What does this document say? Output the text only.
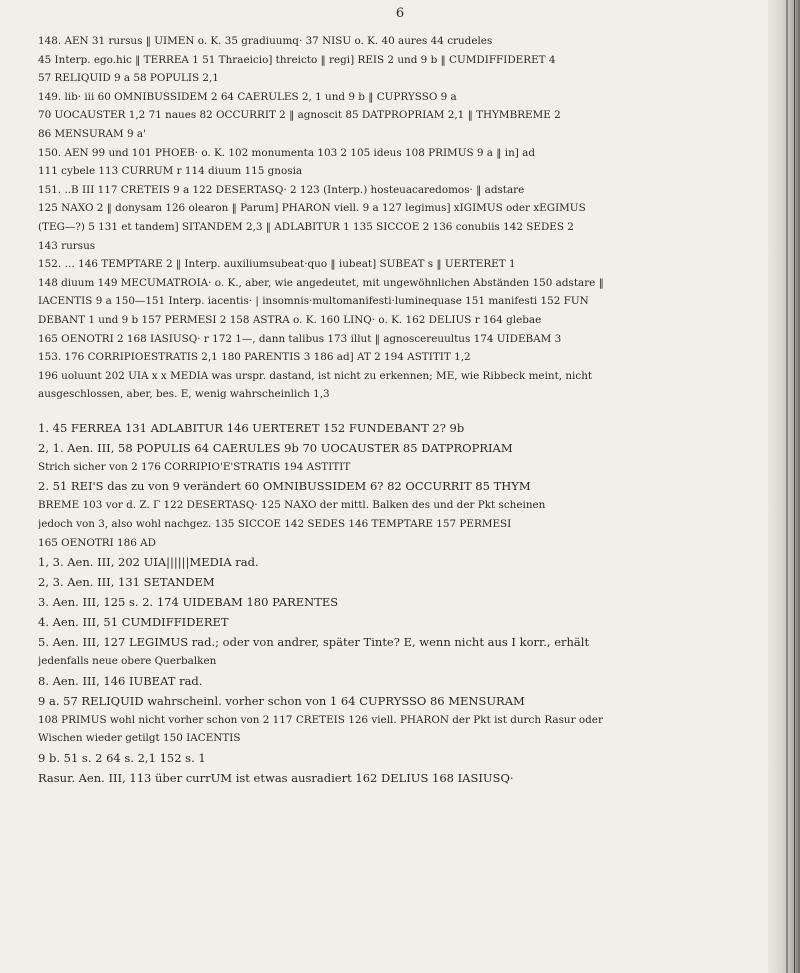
6
148. AEN 31 rursus ‖ UIMEN o. K. 35 gradiuumq· 37 NISU o. K. 40 aures 44 crudeles
45 Interp. ego.hic ‖ TERREA 1 51 Thraeicio] threicto ‖ regi] REIS 2 und 9 b ‖ CUMDIFFIDERET 4
57 RELIQUID 9 a 58 POPULIS 2,1
149. lib· iii 60 OMNIBUSSIDEM 2 64 CAERULES 2, 1 und 9 b ‖ CUPRYSSO 9 a
70 UOCAUSTER 1,2 71 naues 82 OCCURRIT 2 ‖ agnoscit 85 DATPROPRIAM 2,1 ‖ THYMBREME 2
86 MENSURAM 9 a'
150. AEN 99 und 101 PHOEB· o. K. 102 monumenta 103 2 105 ideus 108 PRIMUS 9 a ‖ in] ad
111 cybele 113 CURRUM r 114 diuum 115 gnosia
151. ..B III 117 CRETEIS 9 a 122 DESERTASQ· 2 123 (Interp.) hosteuacaredomos· ‖ adstare
125 NAXO 2 ‖ donysam 126 olearon ‖ Parum] PHARON viell. 9 a 127 legimus] xIGIMUS oder xEGIMUS
(TEG—?) 5 131 et tandem] SITANDEM 2,3 ‖ ADLABITUR 1 135 SICCOE 2 136 conubiis 142 SEDES 2
143 rursus
152. … 146 TEMPTARE 2 ‖ Interp. auxiliumsubeat·quo ‖ iubeat] SUBEAT s ‖ UERTERET 1
148 diuum 149 MECUMATROIA· o. K., aber, wie angedeutet, mit ungewöhnlichen Abständen 150 adstare ‖
IACENTIS 9 a 150—151 Interp. iacentis· | insomnis·multomanifesti·luminequase 151 manifesti 152 FUN
DEBANT 1 und 9 b 157 PERMESI 2 158 ASTRA o. K. 160 LINQ· o. K. 162 DELIUS r 164 glebae
165 OENOTRI 2 168 IASIUSQ· r 172 1—, dann talibus 173 illut ‖ agnoscereuultus 174 UIDEBAM 3
153. 176 CORRIPIOESTRATIS 2,1 180 PARENTIS 3 186 ad] AT 2 194 ASTITIT 1,2
196 uoluunt 202 UIA x x MEDIA was urspr. dastand, ist nicht zu erkennen; ME, wie Ribbeck meint, nicht
ausgeschlossen, aber, bes. E, wenig wahrscheinlich 1,3
1. 45 FERREA 131 ADLABITUR 146 UERTERET 152 FUNDEBANT 2? 9b
2, 1. Aen. III, 58 POPULIS 64 CAERULES 9b 70 UOCAUSTER 85 DATPROPRIAM
Strich sicher von 2 176 CORRIPIO'E'STRATIS 194 ASTITIT
2. 51 REI'S das zu von 9 verändert 60 OMNIBUSSIDEM 6? 82 OCCURRIT 85 THYM
BREME 103 vor d. Z. Γ 122 DESERTASQ· 125 NAXO der mittl. Balken des und der Pkt scheinen
jedoch von 3, also wohl nachgez. 135 SICCOE 142 SEDES 146 TEMPTARE 157 PERMESI
165 OENOTRI 186 AD
1, 3. Aen. III, 202 UIA||||||MEDIA rad.
2, 3. Aen. III, 131 SETANDEM
3. Aen. III, 125 s. 2. 174 UIDEBAM 180 PARENTES
4. Aen. III, 51 CUMDIFFIDERET
5. Aen. III, 127 LEGIMUS rad.; oder von andrer, später Tinte? E, wenn nicht aus I korr., erhält
jedenfalls neue obere Querbalken
8. Aen. III, 146 IUBEAT rad.
9 a. 57 RELIQUID wahrscheinl. vorher schon von 1 64 CUPRYSSO 86 MENSURAM
108 PRIMUS wohl nicht vorher schon von 2 117 CRETEIS 126 viell. PHARON der Pkt ist durch Rasur oder
Wischen wieder getilgt 150 IACENTIS
9 b. 51 s. 2 64 s. 2,1 152 s. 1
Rasur. Aen. III, 113 über currUM ist etwas ausradiert 162 DELIUS 168 IASIUSQ·
